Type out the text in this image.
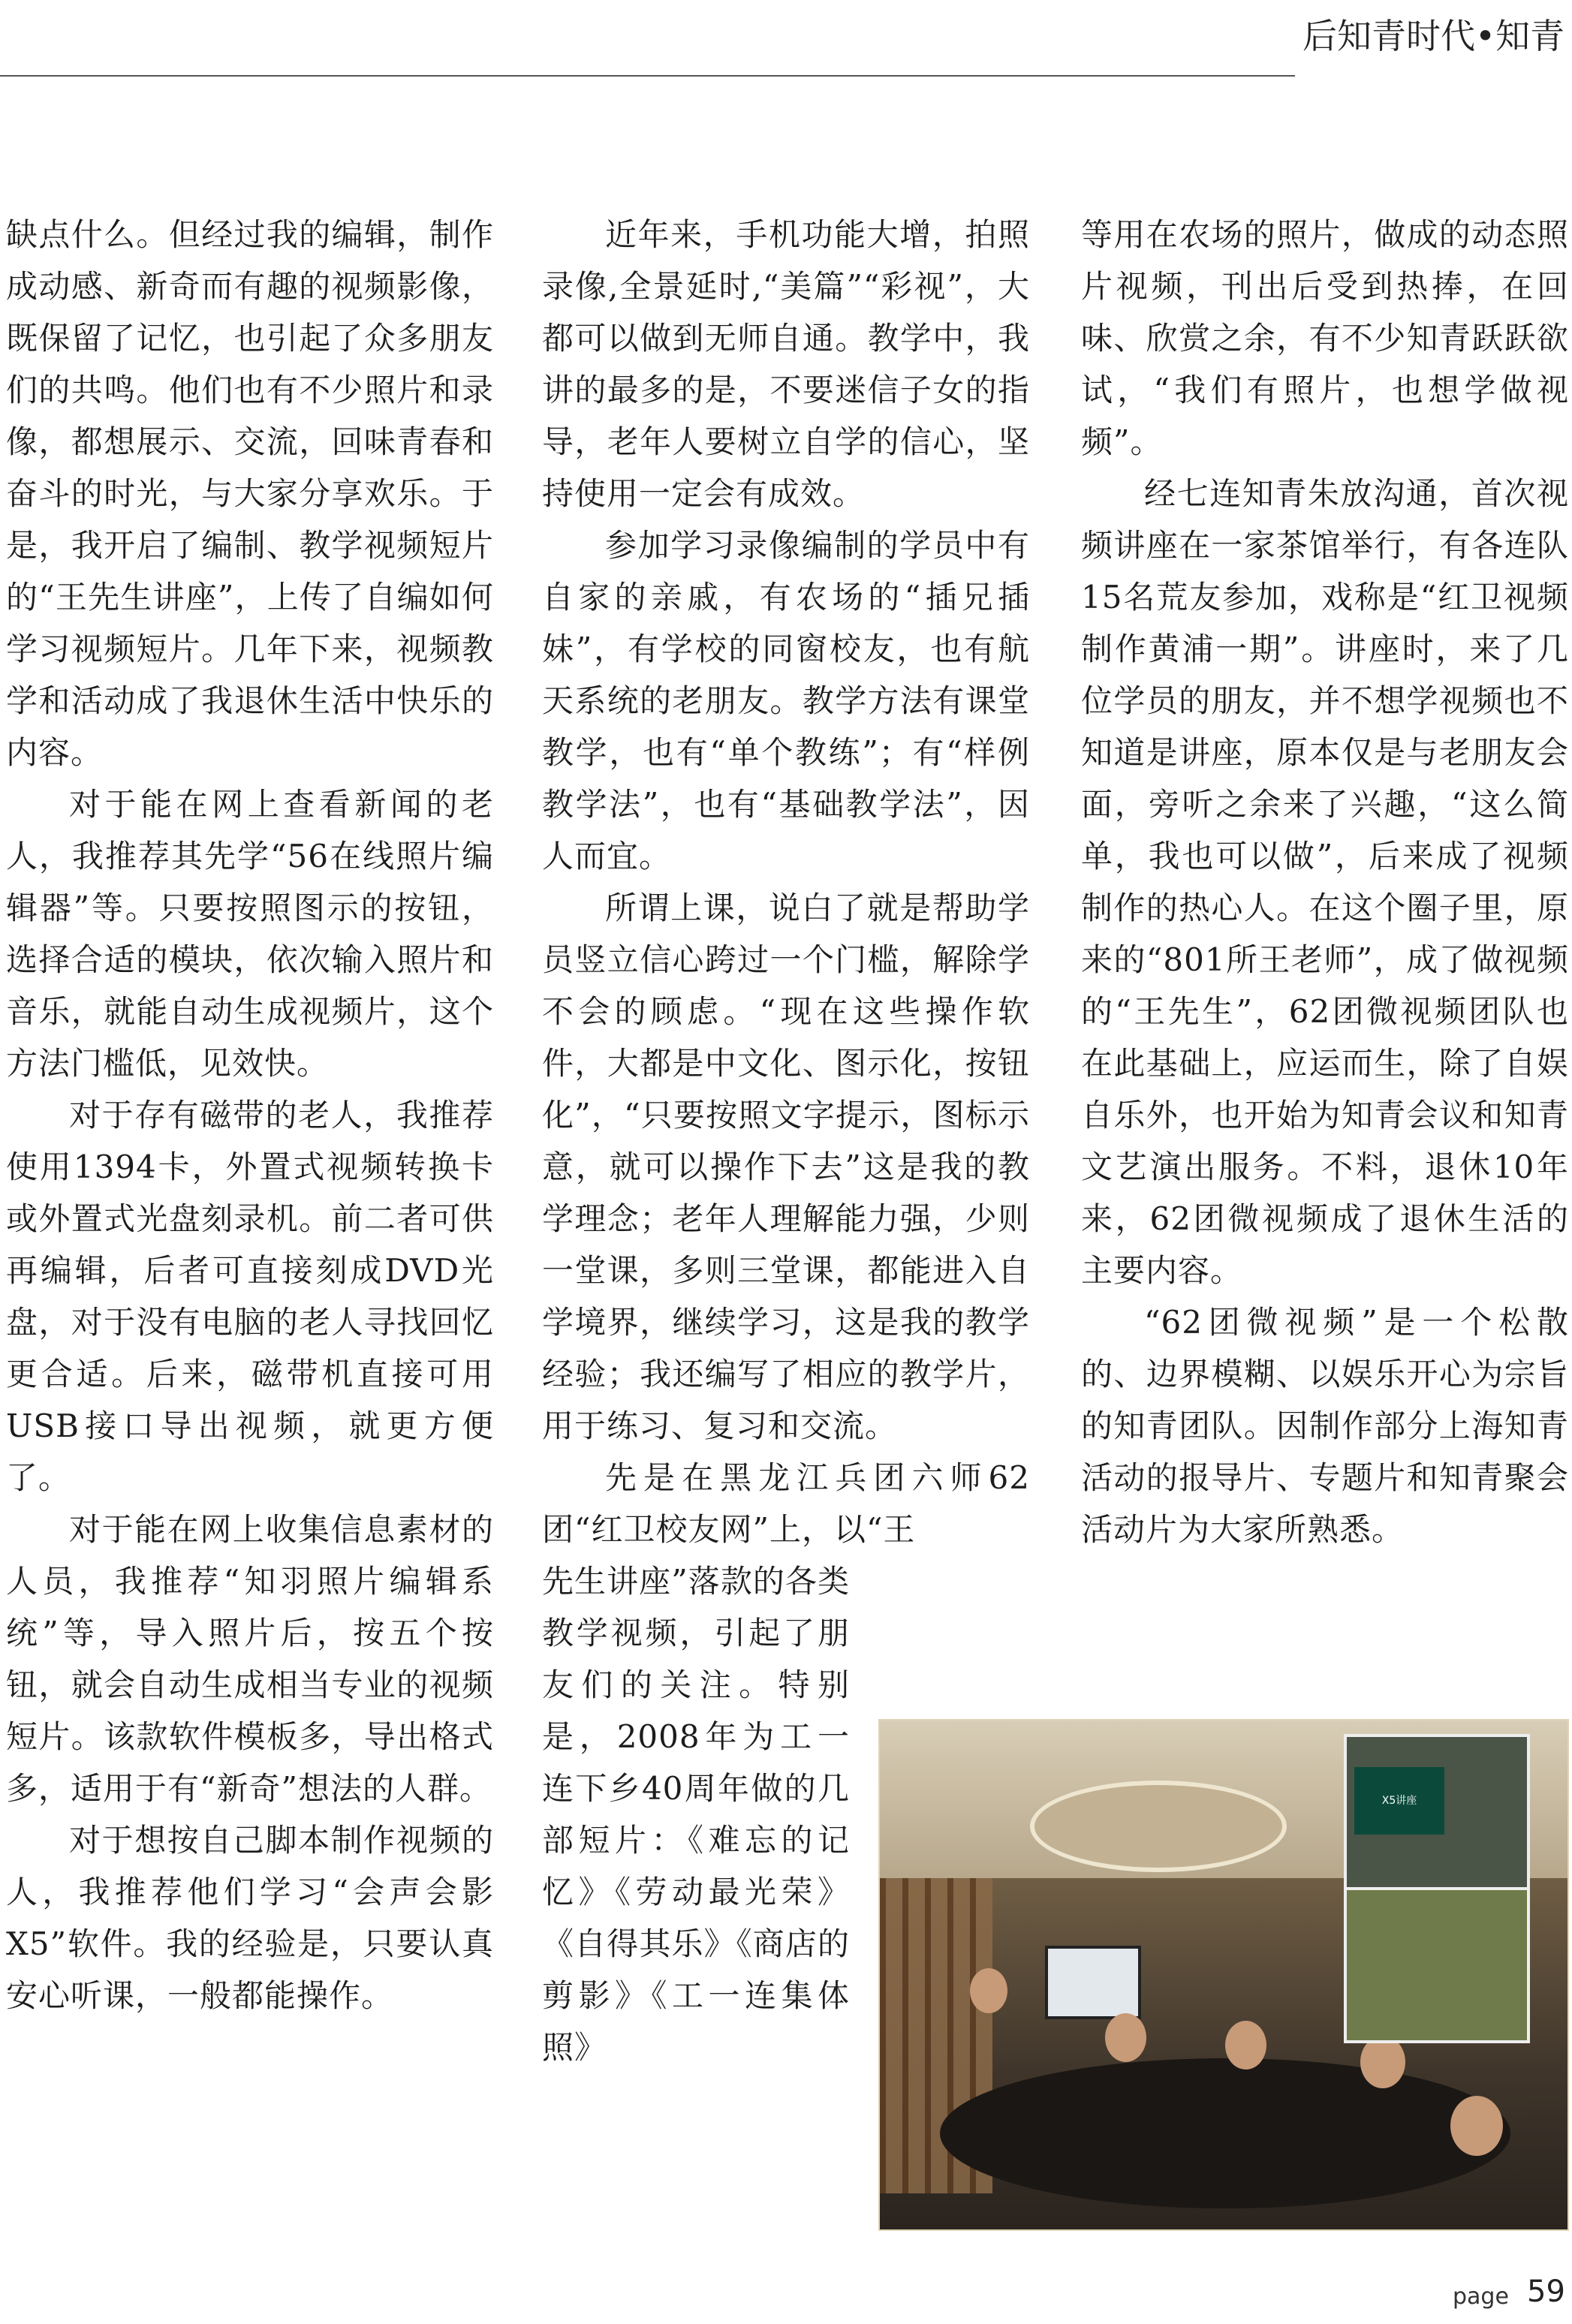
后知青时代•知青

缺点什么。但经过我的编辑，制作成动感、新奇而有趣的视频影像，既保留了记忆，也引起了众多朋友们的共鸣。他们也有不少照片和录像，都想展示、交流，回味青春和奋斗的时光，与大家分享欢乐。于是，我开启了编制、教学视频短片的“王先生讲座”，上传了自编如何学习视频短片。几年下来，视频教学和活动成了我退休生活中快乐的内容。

对于能在网上查看新闻的老人，我推荐其先学“56在线照片编辑器”等。只要按照图示的按钮，选择合适的模块，依次输入照片和音乐，就能自动生成视频片，这个方法门槛低，见效快。

对于存有磁带的老人，我推荐使用1394卡，外置式视频转换卡或外置式光盘刻录机。前二者可供再编辑，后者可直接刻成DVD光盘，对于没有电脑的老人寻找回忆更合适。后来，磁带机直接可用USB接口导出视频，就更方便了。

对于能在网上收集信息素材的人员，我推荐“知羽照片编辑系统”等，导入照片后，按五个按钮，就会自动生成相当专业的视频短片。该款软件模板多，导出格式多，适用于有“新奇”想法的人群。

对于想按自己脚本制作视频的人，我推荐他们学习“会声会影X5”软件。我的经验是，只要认真安心听课，一般都能操作。

近年来，手机功能大增，拍照录像,全景延时,“美篇”“彩视”，大都可以做到无师自通。教学中，我讲的最多的是，不要迷信子女的指导，老年人要树立自学的信心，坚持使用一定会有成效。

参加学习录像编制的学员中有自家的亲戚，有农场的“插兄插妹”，有学校的同窗校友，也有航天系统的老朋友。教学方法有课堂教学，也有“单个教练”；有“样例教学法”，也有“基础教学法”，因人而宜。

所谓上课，说白了就是帮助学员竖立信心跨过一个门槛，解除学不会的顾虑。“现在这些操作软件，大都是中文化、图示化，按钮化”，“只要按照文字提示，图标示意，就可以操作下去”这是我的教学理念；老年人理解能力强，少则一堂课，多则三堂课，都能进入自学境界，继续学习，这是我的教学经验；我还编写了相应的教学片，用于练习、复习和交流。

先是在黑龙江兵团六师62团“红卫校友网”上，以“王

先生讲座”落款的各类教学视频，引起了朋友们的关注。特别是，2008年为工一连下乡40周年做的几部短片：《难忘的记忆》《劳动最光荣》《自得其乐》《商店的剪影》《工一连集体照》

等用在农场的照片，做成的动态照片视频，刊出后受到热捧，在回味、欣赏之余，有不少知青跃跃欲试，“我们有照片，也想学做视频”。

经七连知青朱放沟通，首次视频讲座在一家茶馆举行，有各连队15名荒友参加，戏称是“红卫视频制作黄浦一期”。讲座时，来了几位学员的朋友，并不想学视频也不知道是讲座，原本仅是与老朋友会面，旁听之余来了兴趣，“这么简单，我也可以做”，后来成了视频制作的热心人。在这个圈子里，原来的“801所王老师”，成了做视频的“王先生”，62团微视频团队也在此基础上，应运而生，除了自娱自乐外，也开始为知青会议和知青文艺演出服务。不料，退休10年来，62团微视频成了退休生活的主要内容。

“62团微视频”是一个松散的、边界模糊、以娱乐开心为宗旨的知青团队。因制作部分上海知青活动的报导片、专题片和知青聚会活动片为大家所熟悉。

X5讲座
page 59
